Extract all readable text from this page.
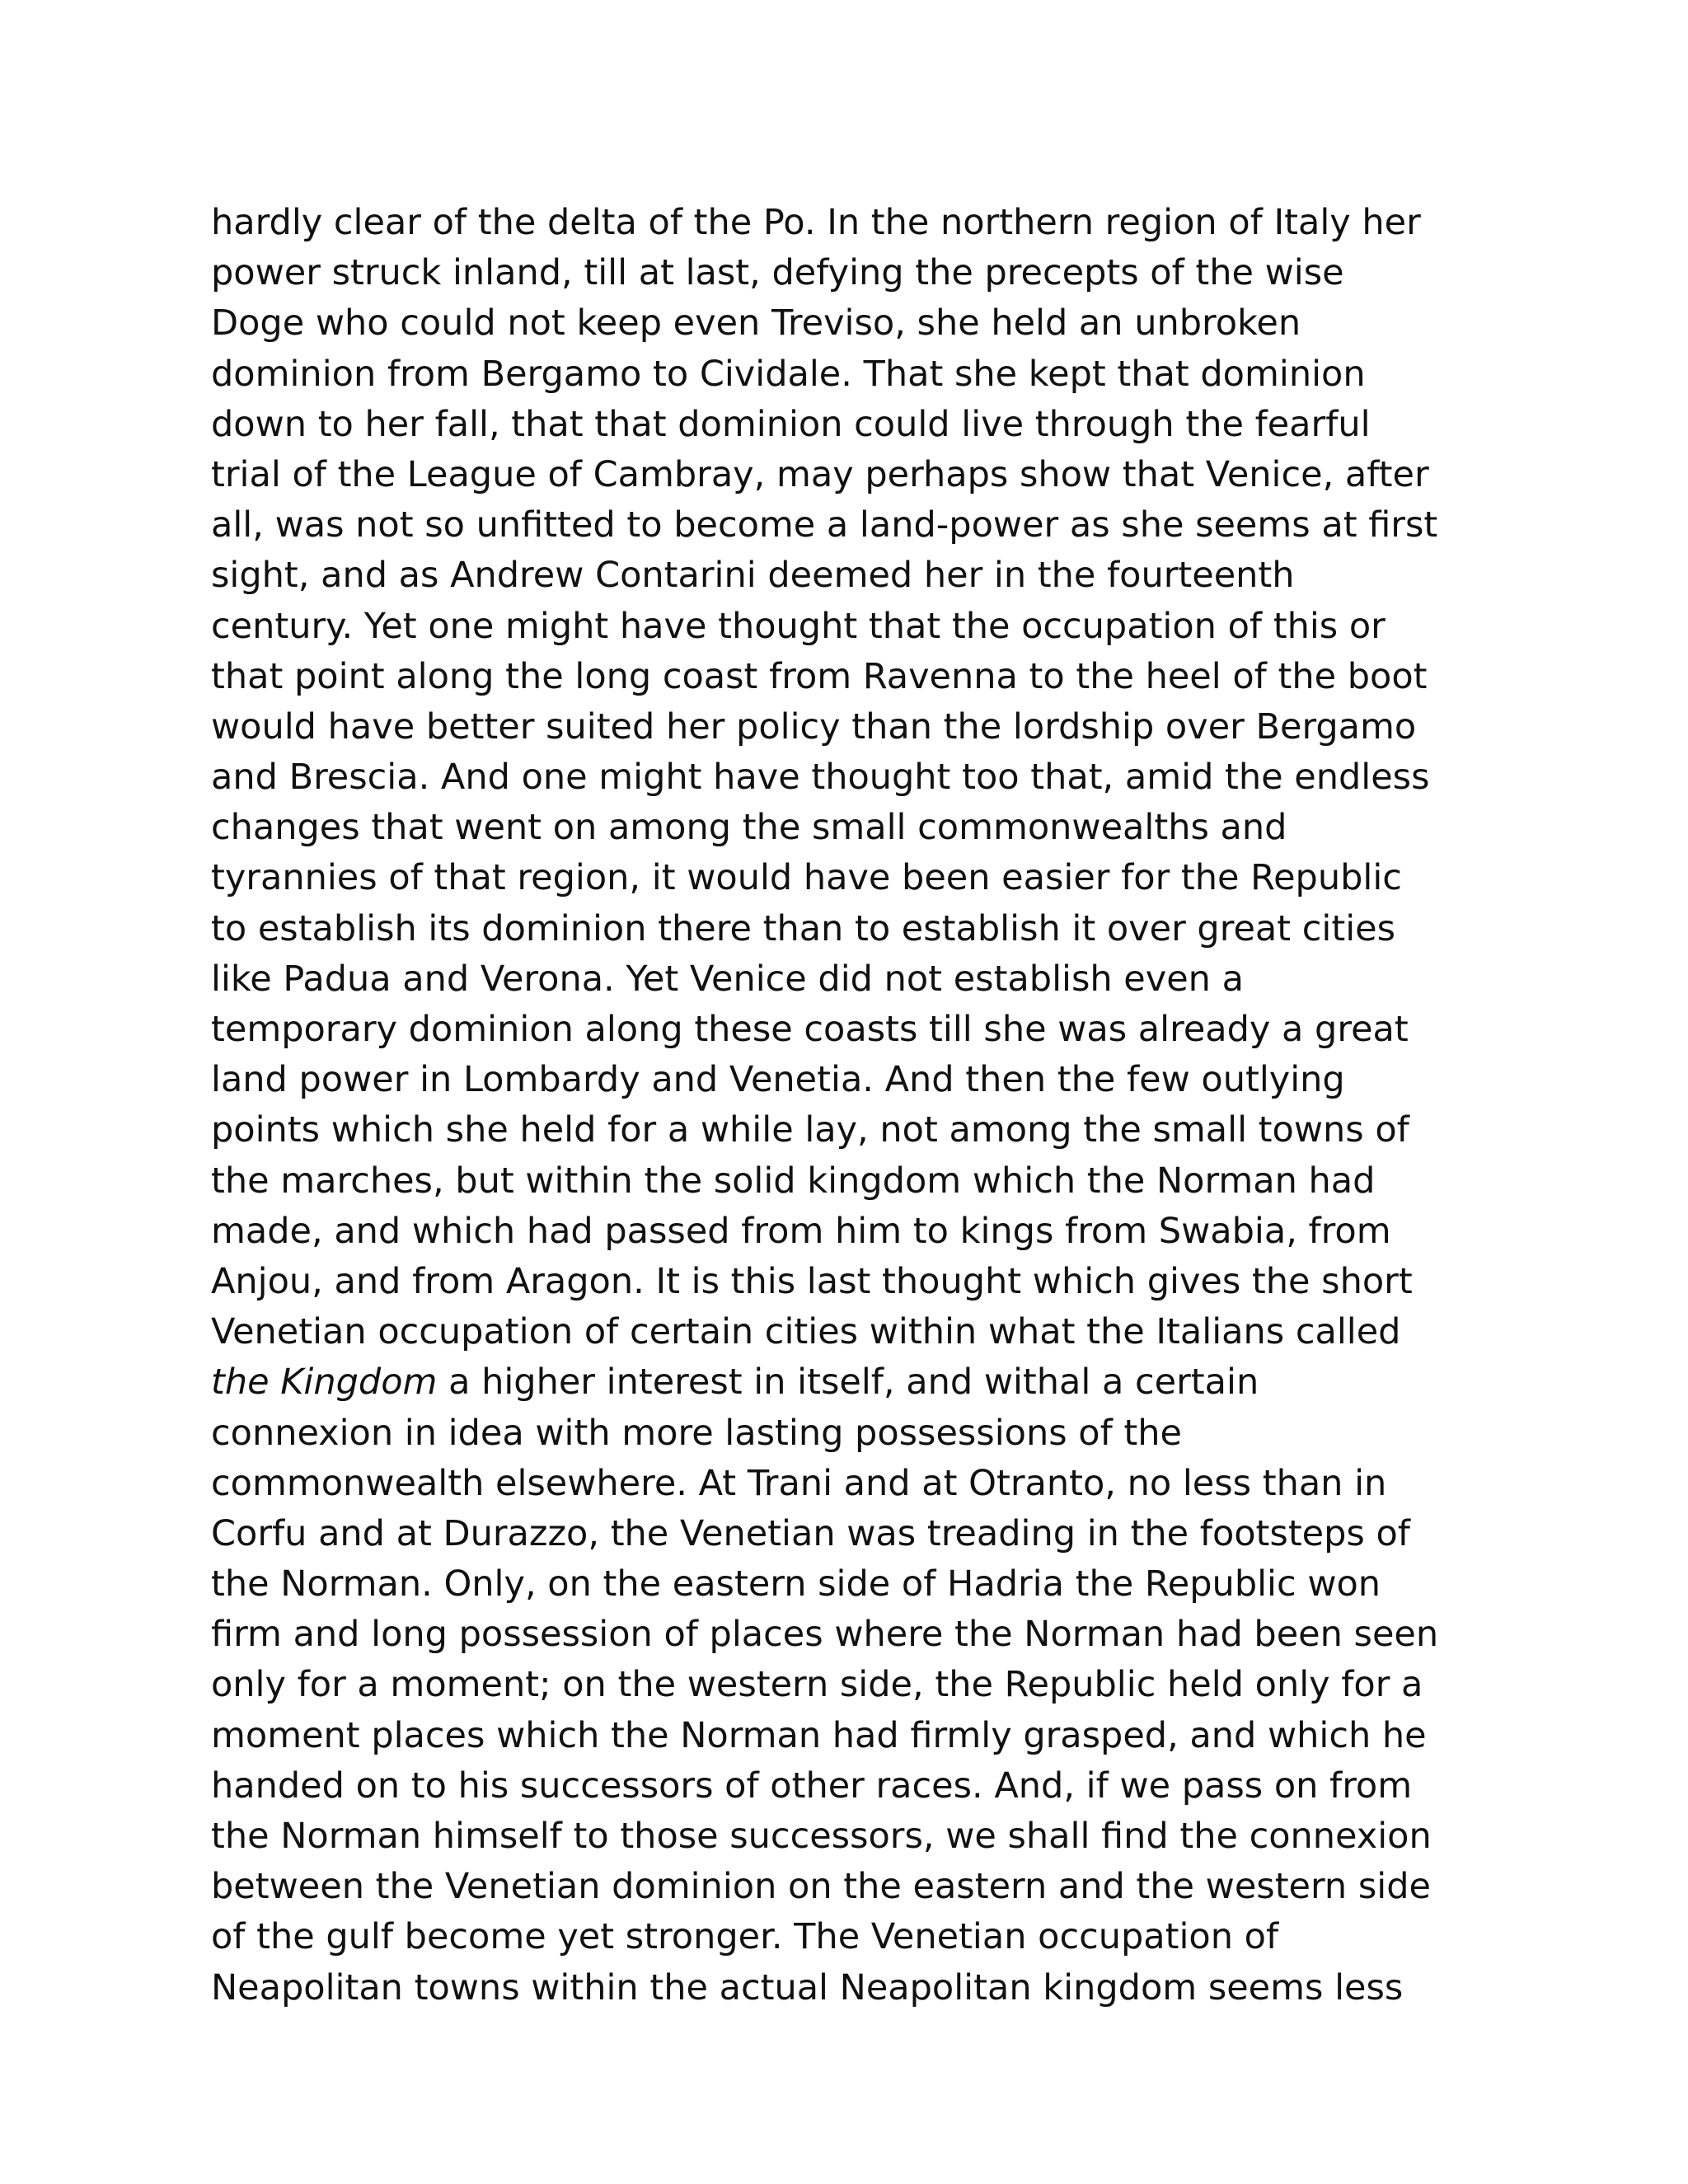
hardly clear of the delta of the Po. In the northern region of Italy her
power struck inland, till at last, defying the precepts of the wise
Doge who could not keep even Treviso, she held an unbroken
dominion from Bergamo to Cividale. That she kept that dominion
down to her fall, that that dominion could live through the fearful
trial of the League of Cambray, may perhaps show that Venice, after
all, was not so unfitted to become a land-power as she seems at first
sight, and as Andrew Contarini deemed her in the fourteenth
century. Yet one might have thought that the occupation of this or
that point along the long coast from Ravenna to the heel of the boot
would have better suited her policy than the lordship over Bergamo
and Brescia. And one might have thought too that, amid the endless
changes that went on among the small commonwealths and
tyrannies of that region, it would have been easier for the Republic
to establish its dominion there than to establish it over great cities
like Padua and Verona. Yet Venice did not establish even a
temporary dominion along these coasts till she was already a great
land power in Lombardy and Venetia. And then the few outlying
points which she held for a while lay, not among the small towns of
the marches, but within the solid kingdom which the Norman had
made, and which had passed from him to kings from Swabia, from
Anjou, and from Aragon. It is this last thought which gives the short
Venetian occupation of certain cities within what the Italians called
the Kingdom a higher interest in itself, and withal a certain
connexion in idea with more lasting possessions of the
commonwealth elsewhere. At Trani and at Otranto, no less than in
Corfu and at Durazzo, the Venetian was treading in the footsteps of
the Norman. Only, on the eastern side of Hadria the Republic won
firm and long possession of places where the Norman had been seen
only for a moment; on the western side, the Republic held only for a
moment places which the Norman had firmly grasped, and which he
handed on to his successors of other races. And, if we pass on from
the Norman himself to those successors, we shall find the connexion
between the Venetian dominion on the eastern and the western side
of the gulf become yet stronger. The Venetian occupation of
Neapolitan towns within the actual Neapolitan kingdom seems less
